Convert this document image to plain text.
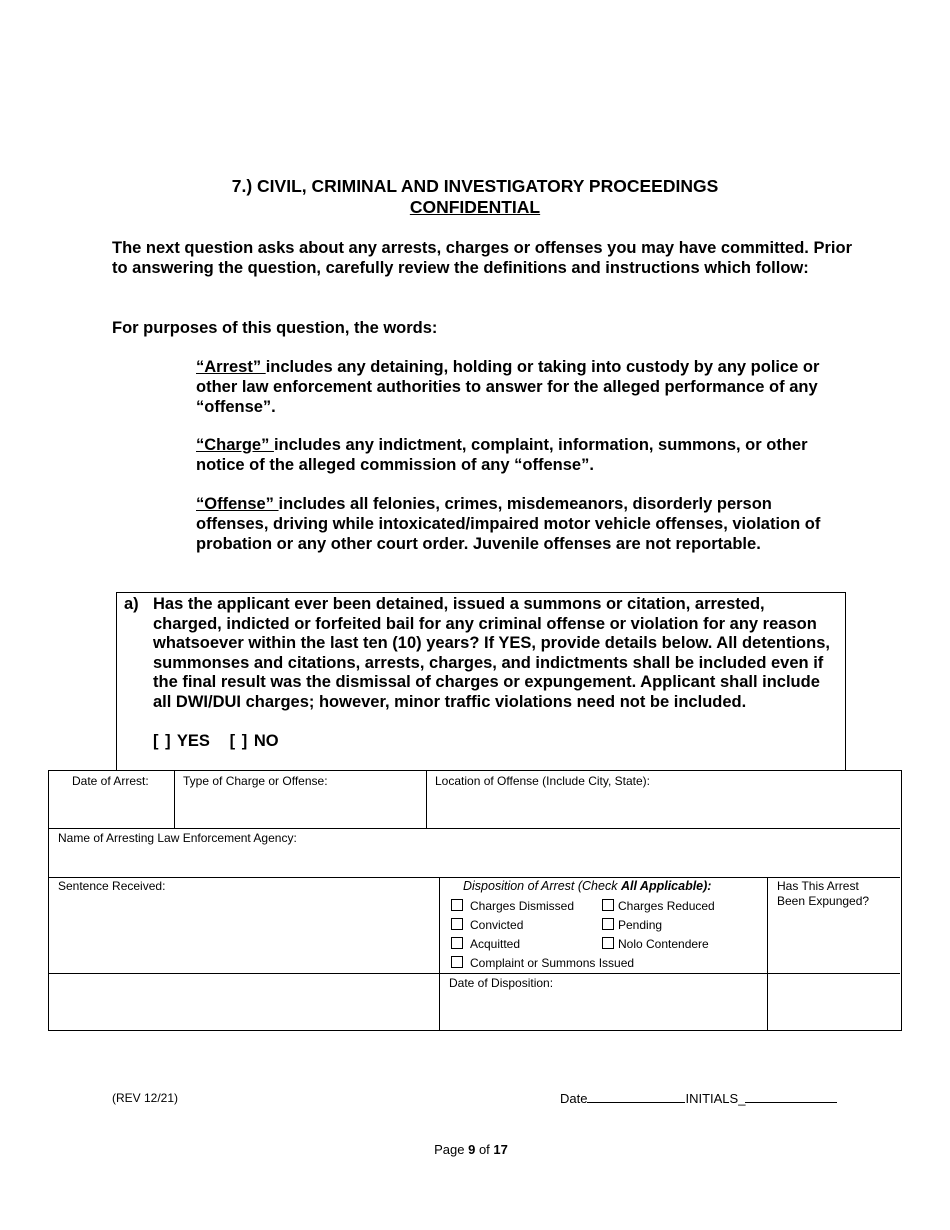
7.) CIVIL, CRIMINAL AND INVESTIGATORY PROCEEDINGS
CONFIDENTIAL
The next question asks about any arrests, charges or offenses you may have committed. Prior to answering the question, carefully review the definitions and instructions which follow:
For purposes of this question, the words:
“Arrest” includes any detaining, holding or taking into custody by any police or other law enforcement authorities to answer for the alleged performance of any “offense”.
“Charge” includes any indictment, complaint, information, summons, or other notice of the alleged commission of any “offense”.
“Offense” includes all felonies, crimes, misdemeanors, disorderly person offenses, driving while intoxicated/impaired motor vehicle offenses, violation of probation or any other court order. Juvenile offenses are not reportable.
a) Has the applicant ever been detained, issued a summons or citation, arrested, charged, indicted or forfeited bail for any criminal offense or violation for any reason whatsoever within the last ten (10) years? If YES, provide details below. All detentions, summonses and citations, arrests, charges, and indictments shall be included even if the final result was the dismissal of charges or expungement. Applicant shall include all DWI/DUI charges; however, minor traffic violations need not be included.
[ ] YES [ ] NO
Date of Arrest:	Type of Charge or Offense:	Location of Offense (Include City, State):
Name of Arresting Law Enforcement Agency:
Sentence Received:	Disposition of Arrest (Check All Applicable):
Charges Dismissed	Charges Reduced
Convicted	Pending
Acquitted	Nolo Contendere
Complaint or Summons Issued
Has This Arrest Been Expunged?
Date of Disposition:
(REV 12/21)	Date	INITIALS_
Page 9 of 17
